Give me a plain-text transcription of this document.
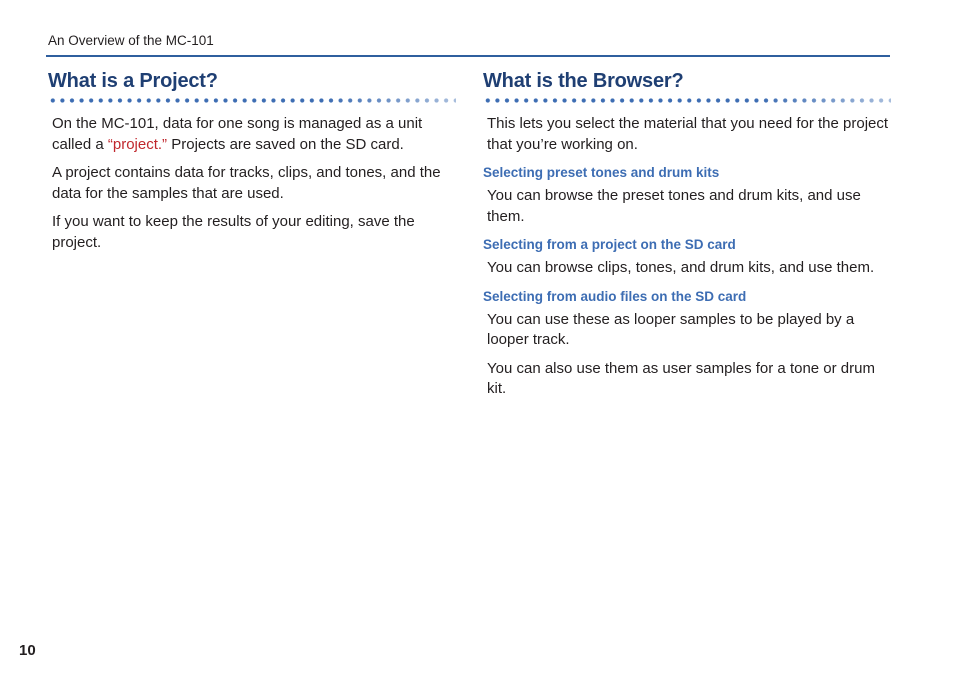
An Overview of the MC-101
What is a Project?

On the MC-101, data for one song is managed as a unit called a “project.” Projects are saved on the SD card.

A project contains data for tracks, clips, and tones, and the data for the samples that are used.

If you want to keep the results of your editing, save the project.

What is the Browser?

This lets you select the material that you need for the project that you’re working on.

Selecting preset tones and drum kits

You can browse the preset tones and drum kits, and use them.

Selecting from a project on the SD card

You can browse clips, tones, and drum kits, and use them.

Selecting from audio files on the SD card

You can use these as looper samples to be played by a looper track.

You can also use them as user samples for a tone or drum kit.

10
